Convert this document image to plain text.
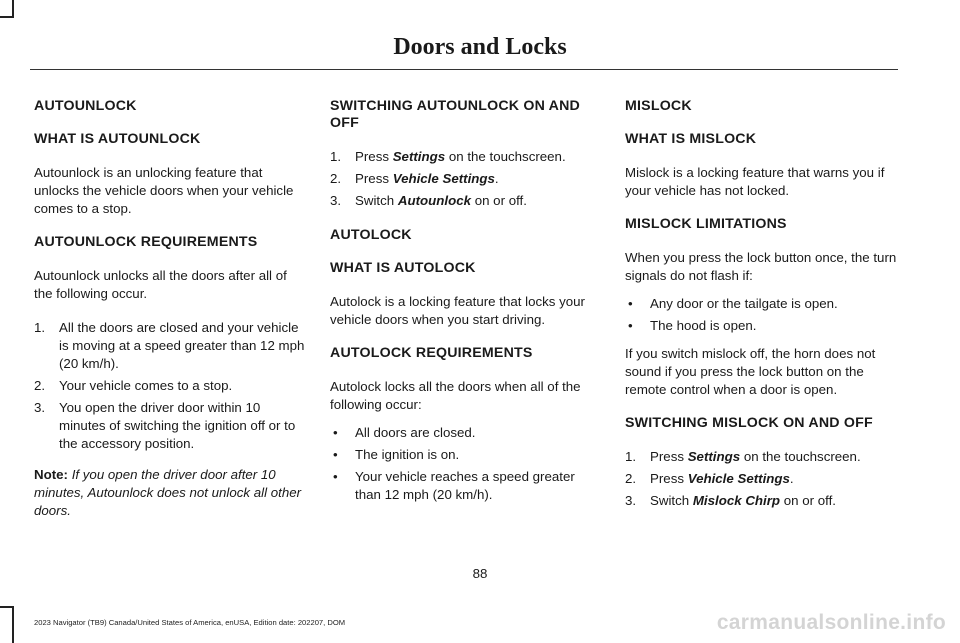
Doors and Locks
AUTOUNLOCK
WHAT IS AUTOUNLOCK

Autounlock is an unlocking feature that unlocks the vehicle doors when your vehicle comes to a stop.

AUTOUNLOCK REQUIREMENTS

Autounlock unlocks all the doors after all of the following occur.

1. All the doors are closed and your vehicle is moving at a speed greater than 12 mph (20 km/h).
2. Your vehicle comes to a stop.
3. You open the driver door within 10 minutes of switching the ignition off or to the accessory position.

Note: If you open the driver door after 10 minutes, Autounlock does not unlock all other doors.

SWITCHING AUTOUNLOCK ON AND OFF
1. Press Settings on the touchscreen.
2. Press Vehicle Settings.
3. Switch Autounlock on or off.
AUTOLOCK
WHAT IS AUTOLOCK

Autolock is a locking feature that locks your vehicle doors when you start driving.

AUTOLOCK REQUIREMENTS

Autolock locks all the doors when all of the following occur:

• All doors are closed.
• The ignition is on.
• Your vehicle reaches a speed greater than 12 mph (20 km/h).
MISLOCK
WHAT IS MISLOCK

Mislock is a locking feature that warns you if your vehicle has not locked.

MISLOCK LIMITATIONS

When you press the lock button once, the turn signals do not flash if:

• Any door or the tailgate is open.
• The hood is open.

If you switch mislock off, the horn does not sound if you press the lock button on the remote control when a door is open.

SWITCHING MISLOCK ON AND OFF
1. Press Settings on the touchscreen.
2. Press Vehicle Settings.
3. Switch Mislock Chirp on or off.
88
2023 Navigator (TB9) Canada/United States of America, enUSA, Edition date: 202207, DOM	carmanualsonline.info
